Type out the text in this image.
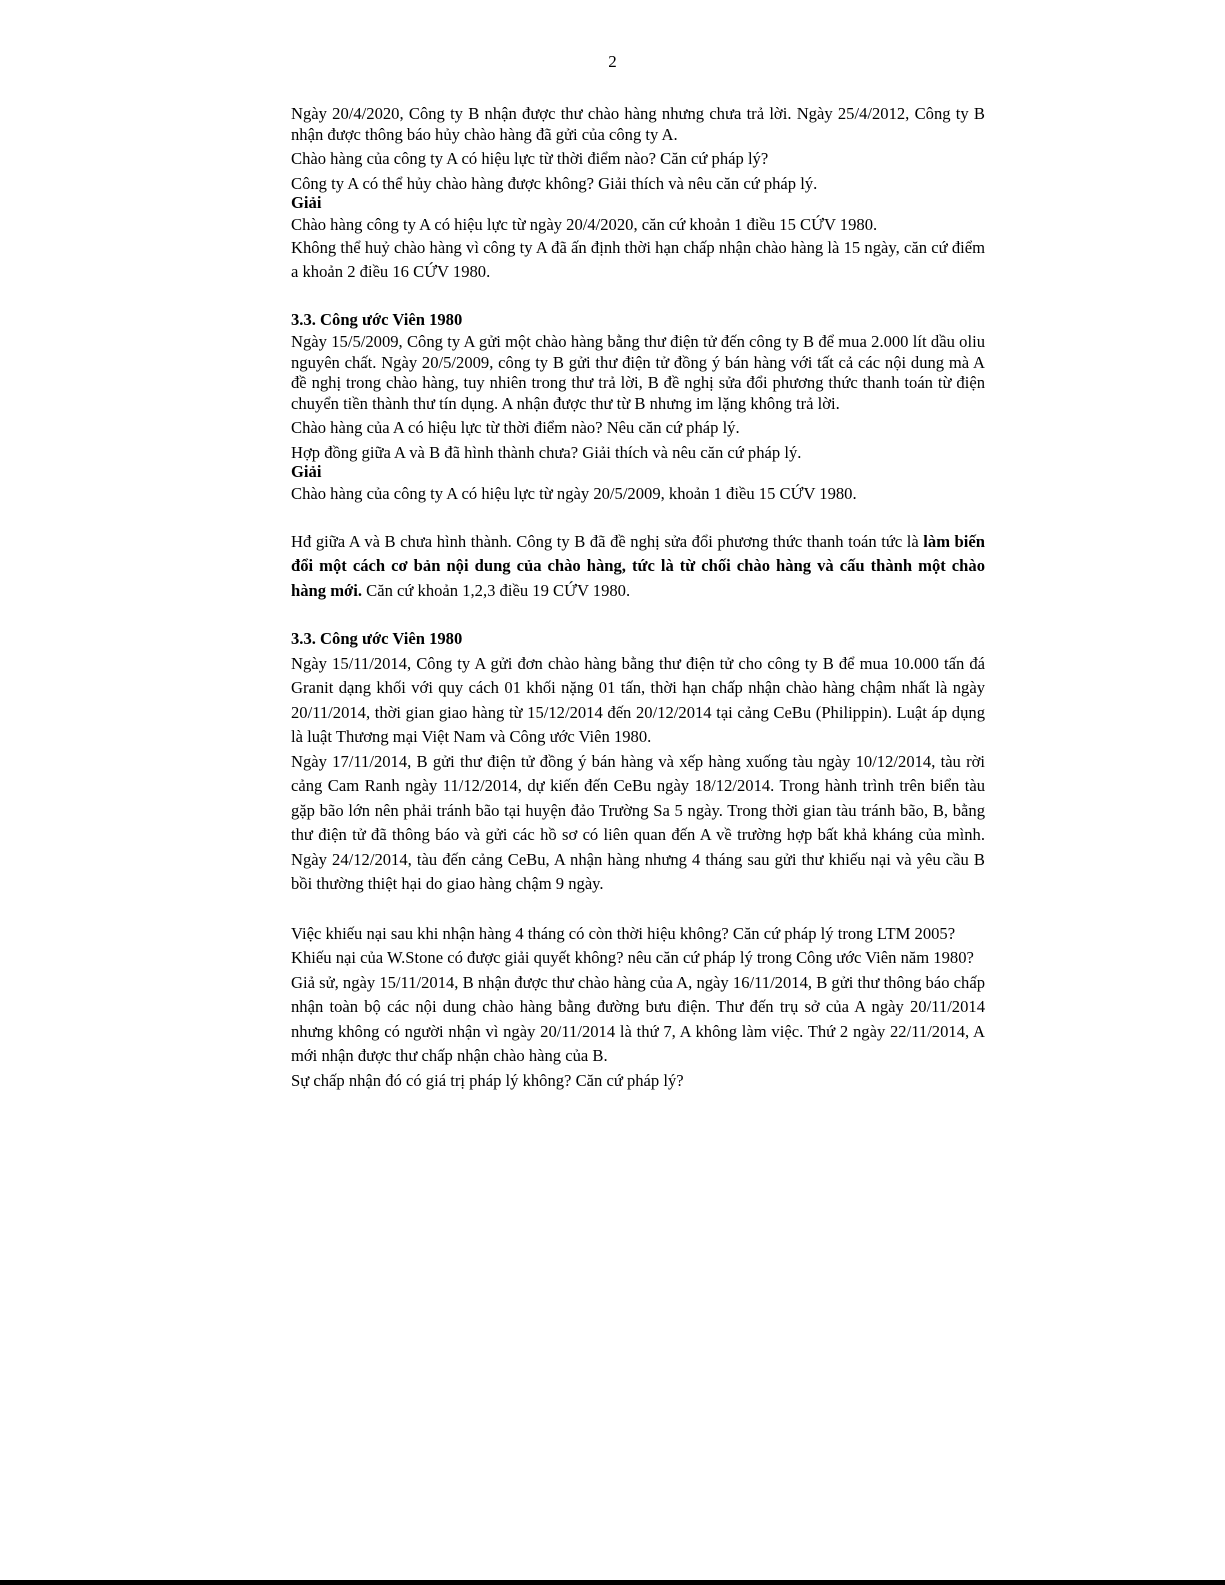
2

Ngày 20/4/2020, Công ty B nhận được thư chào hàng nhưng chưa trả lời. Ngày 25/4/2012, Công ty B nhận được thông báo hủy chào hàng đã gửi của công ty A.

Chào hàng của công ty A có hiệu lực từ thời điểm nào? Căn cứ pháp lý?

Công ty A có thể hủy chào hàng được không? Giải thích và nêu căn cứ pháp lý.

Giải

Chào hàng công ty A có hiệu lực từ ngày 20/4/2020, căn cứ khoản 1 điều 15 CỨV 1980.

Không thể huỷ chào hàng vì công ty A đã ấn định thời hạn chấp nhận chào hàng là 15 ngày, căn cứ điểm a khoản 2 điều 16 CỨV 1980.

3.3. Công ước Viên 1980

Ngày 15/5/2009, Công ty A gửi một chào hàng bằng thư điện tử đến công ty B để mua 2.000 lít dầu oliu nguyên chất. Ngày 20/5/2009, công ty B gửi thư điện tử đồng ý bán hàng với tất cả các nội dung mà A đề nghị trong chào hàng, tuy nhiên trong thư trả lời, B đề nghị sửa đổi phương thức thanh toán từ điện chuyển tiền thành thư tín dụng. A nhận được thư từ B nhưng im lặng không trả lời.

Chào hàng của A có hiệu lực từ thời điểm nào? Nêu căn cứ pháp lý.

Hợp đồng giữa A và B đã hình thành chưa? Giải thích và nêu căn cứ pháp lý.

Giải

Chào hàng của công ty A có hiệu lực từ ngày 20/5/2009, khoản 1 điều 15 CỨV 1980.

Hđ giữa A và B chưa hình thành. Công ty B đã đề nghị sửa đổi phương thức thanh toán tức là làm biến đổi một cách cơ bản nội dung của chào hàng, tức là từ chối chào hàng và cấu thành một chào hàng mới. Căn cứ khoản 1,2,3 điều 19 CỨV 1980.

3.3. Công ước Viên 1980

Ngày 15/11/2014, Công ty A gửi đơn chào hàng bằng thư điện tử cho công ty B để mua 10.000 tấn đá Granit dạng khối với quy cách 01 khối nặng 01 tấn, thời hạn chấp nhận chào hàng chậm nhất là ngày 20/11/2014, thời gian giao hàng từ 15/12/2014 đến 20/12/2014 tại cảng CeBu (Philippin). Luật áp dụng là luật Thương mại Việt Nam và Công ước Viên 1980.

Ngày 17/11/2014, B gửi thư điện tử đồng ý bán hàng và xếp hàng xuống tàu ngày 10/12/2014, tàu rời cảng Cam Ranh ngày 11/12/2014, dự kiến đến CeBu ngày 18/12/2014. Trong hành trình trên biển tàu gặp bão lớn nên phải tránh bão tại huyện đảo Trường Sa 5 ngày. Trong thời gian tàu tránh bão, B, bằng thư điện tử đã thông báo và gửi các hồ sơ có liên quan đến A về trường hợp bất khả kháng của mình. Ngày 24/12/2014, tàu đến cảng CeBu, A nhận hàng nhưng 4 tháng sau gửi thư khiếu nại và yêu cầu B bồi thường thiệt hại do giao hàng chậm 9 ngày.

Việc khiếu nại sau khi nhận hàng 4 tháng có còn thời hiệu không? Căn cứ pháp lý trong LTM 2005?

Khiếu nại của W.Stone có được giải quyết không? nêu căn cứ pháp lý trong Công ước Viên năm 1980?

Giả sử, ngày 15/11/2014, B nhận được thư chào hàng của A, ngày 16/11/2014, B gửi thư thông báo chấp nhận toàn bộ các nội dung chào hàng bằng đường bưu điện. Thư đến trụ sở của A ngày 20/11/2014 nhưng không có người nhận vì ngày 20/11/2014 là thứ 7, A không làm việc. Thứ 2 ngày 22/11/2014, A mới nhận được thư chấp nhận chào hàng của B.

Sự chấp nhận đó có giá trị pháp lý không? Căn cứ pháp lý?
